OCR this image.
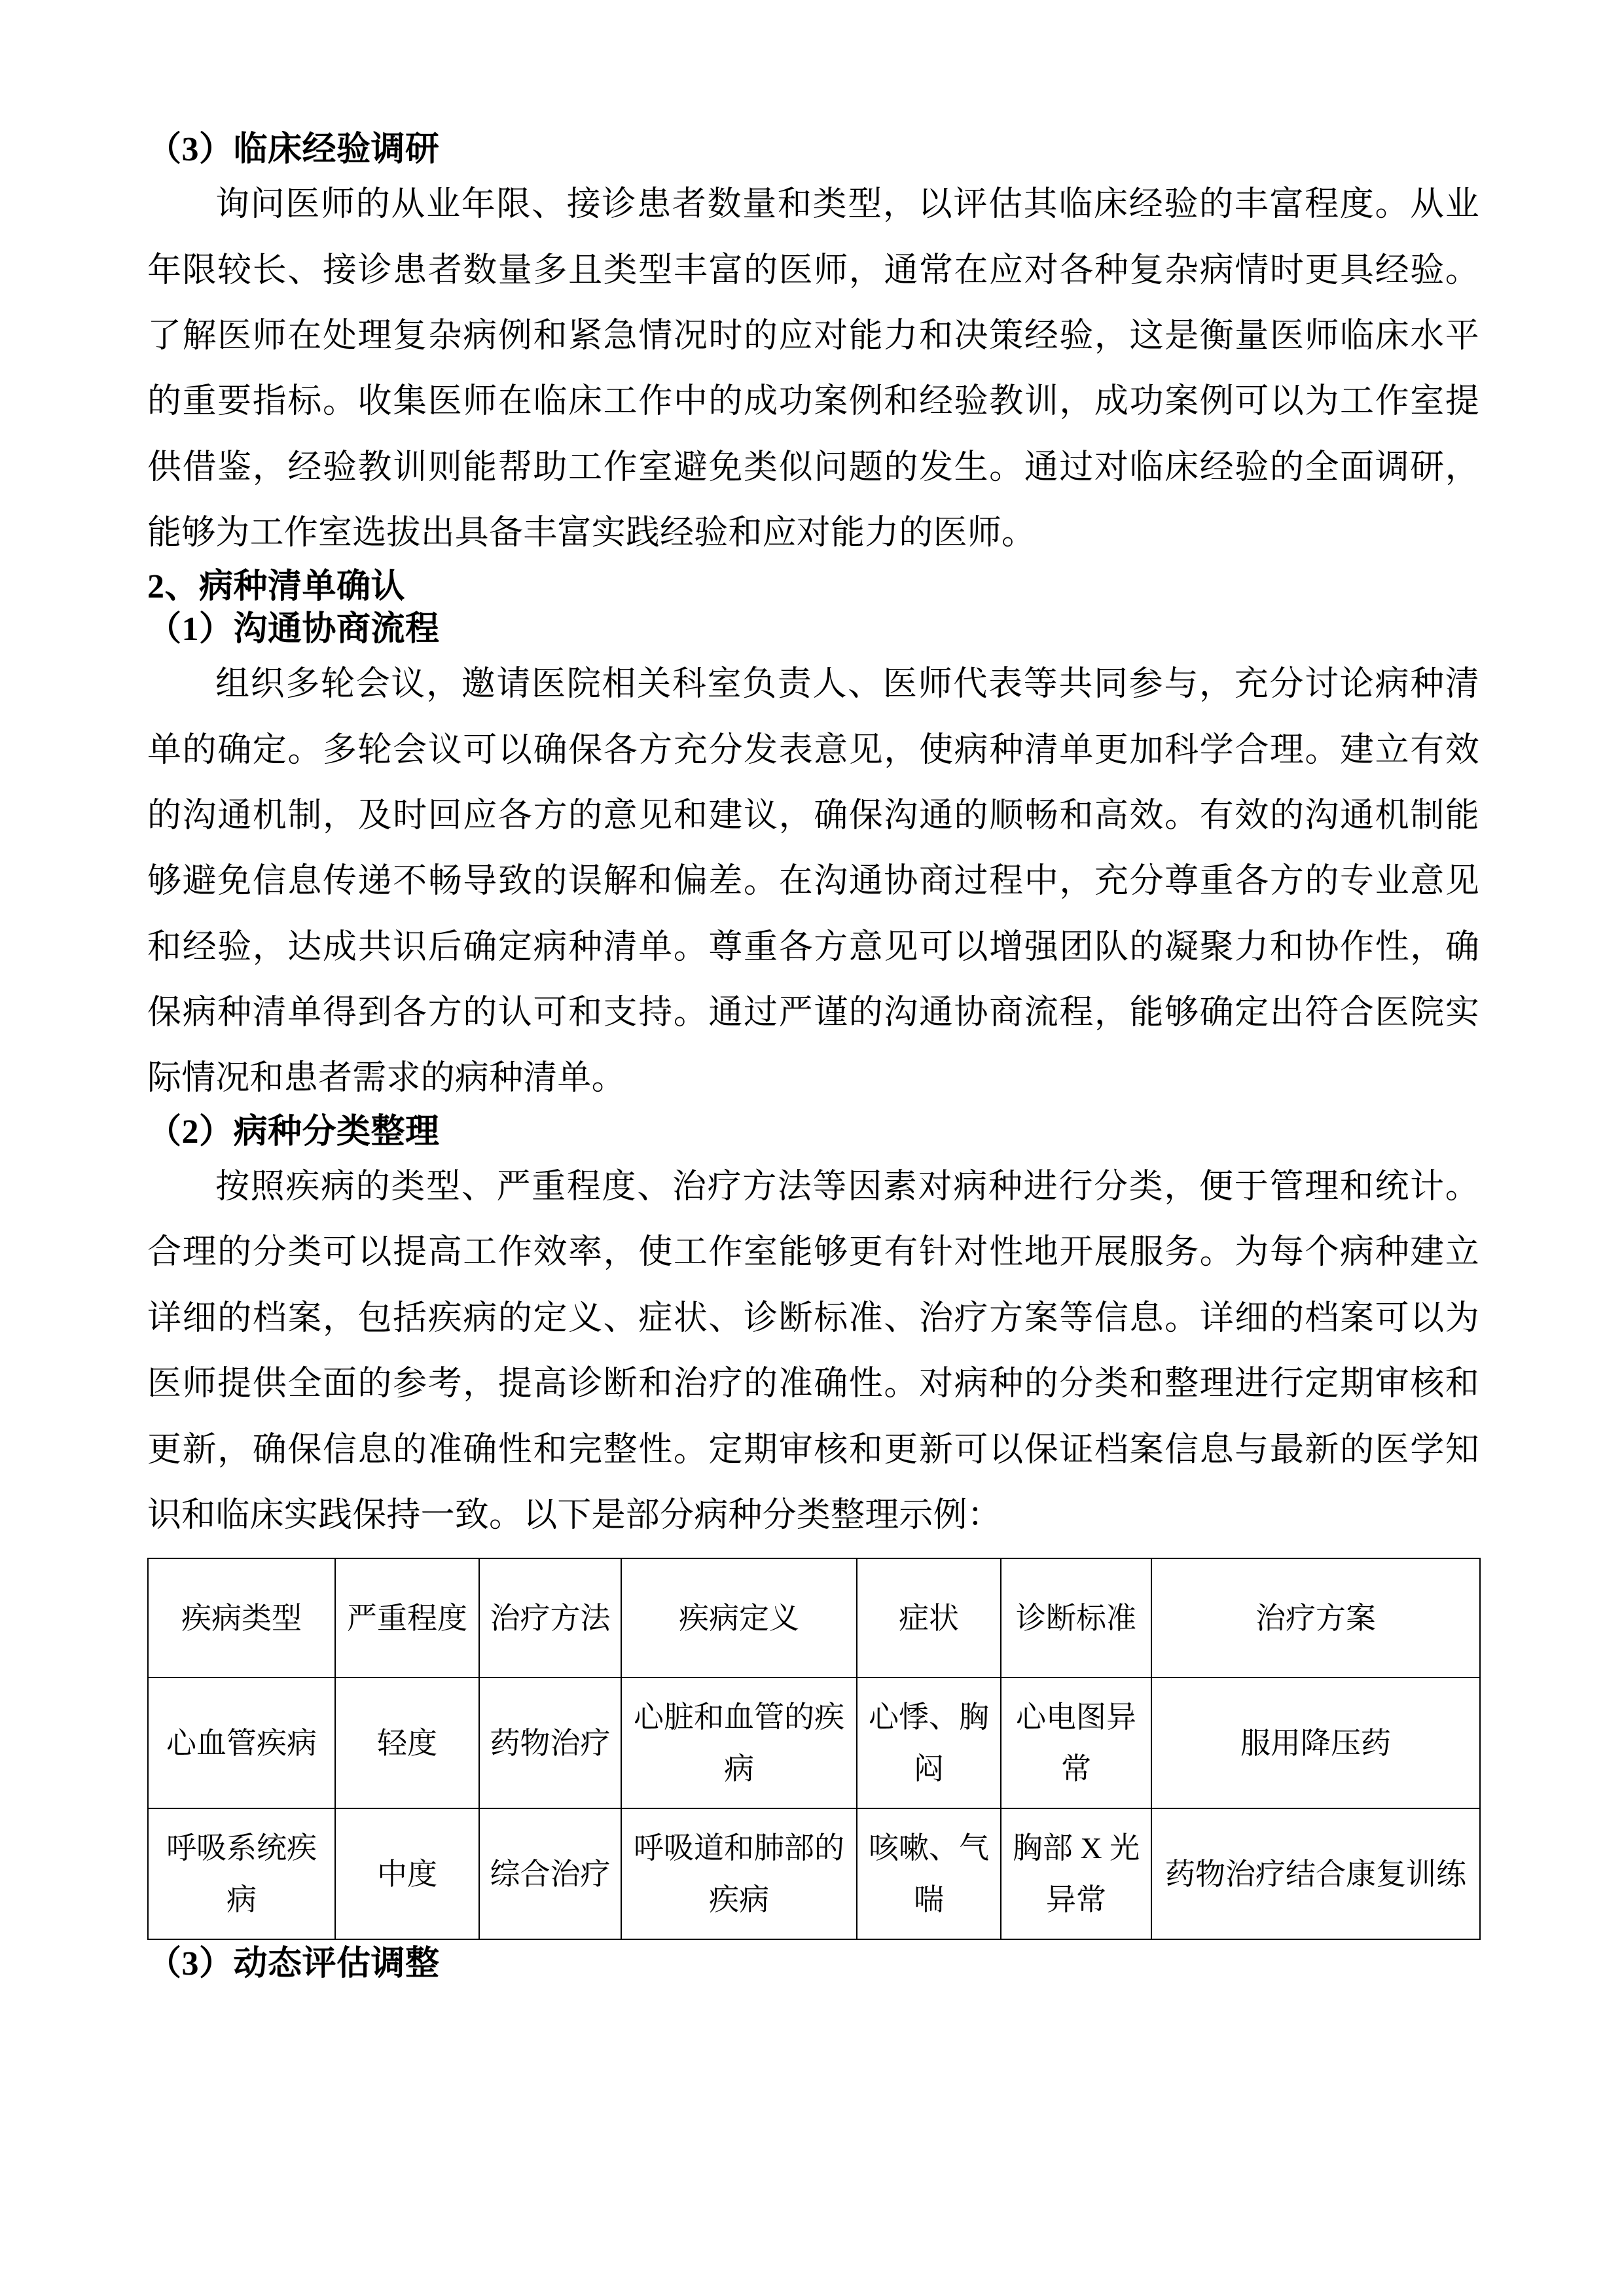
（3）临床经验调研

询问医师的从业年限、接诊患者数量和类型，以评估其临床经验的丰富程度。从业年限较长、接诊患者数量多且类型丰富的医师，通常在应对各种复杂病情时更具经验。了解医师在处理复杂病例和紧急情况时的应对能力和决策经验，这是衡量医师临床水平的重要指标。收集医师在临床工作中的成功案例和经验教训，成功案例可以为工作室提供借鉴，经验教训则能帮助工作室避免类似问题的发生。通过对临床经验的全面调研，能够为工作室选拔出具备丰富实践经验和应对能力的医师。

2、病种清单确认
（1）沟通协商流程

组织多轮会议，邀请医院相关科室负责人、医师代表等共同参与，充分讨论病种清单的确定。多轮会议可以确保各方充分发表意见，使病种清单更加科学合理。建立有效的沟通机制，及时回应各方的意见和建议，确保沟通的顺畅和高效。有效的沟通机制能够避免信息传递不畅导致的误解和偏差。在沟通协商过程中，充分尊重各方的专业意见和经验，达成共识后确定病种清单。尊重各方意见可以增强团队的凝聚力和协作性，确保病种清单得到各方的认可和支持。通过严谨的沟通协商流程，能够确定出符合医院实际情况和患者需求的病种清单。

（2）病种分类整理

按照疾病的类型、严重程度、治疗方法等因素对病种进行分类，便于管理和统计。合理的分类可以提高工作效率，使工作室能够更有针对性地开展服务。为每个病种建立详细的档案，包括疾病的定义、症状、诊断标准、治疗方案等信息。详细的档案可以为医师提供全面的参考，提高诊断和治疗的准确性。对病种的分类和整理进行定期审核和更新，确保信息的准确性和完整性。定期审核和更新可以保证档案信息与最新的医学知识和临床实践保持一致。以下是部分病种分类整理示例：

疾病类型	严重程度	治疗方法	疾病定义	症状	诊断标准	治疗方案
心血管疾病	轻度	药物治疗	心脏和血管的疾病	心悸、胸闷	心电图异常	服用降压药
呼吸系统疾病	中度	综合治疗	呼吸道和肺部的疾病	咳嗽、气喘	胸部 X 光异常	药物治疗结合康复训练
（3）动态评估调整
